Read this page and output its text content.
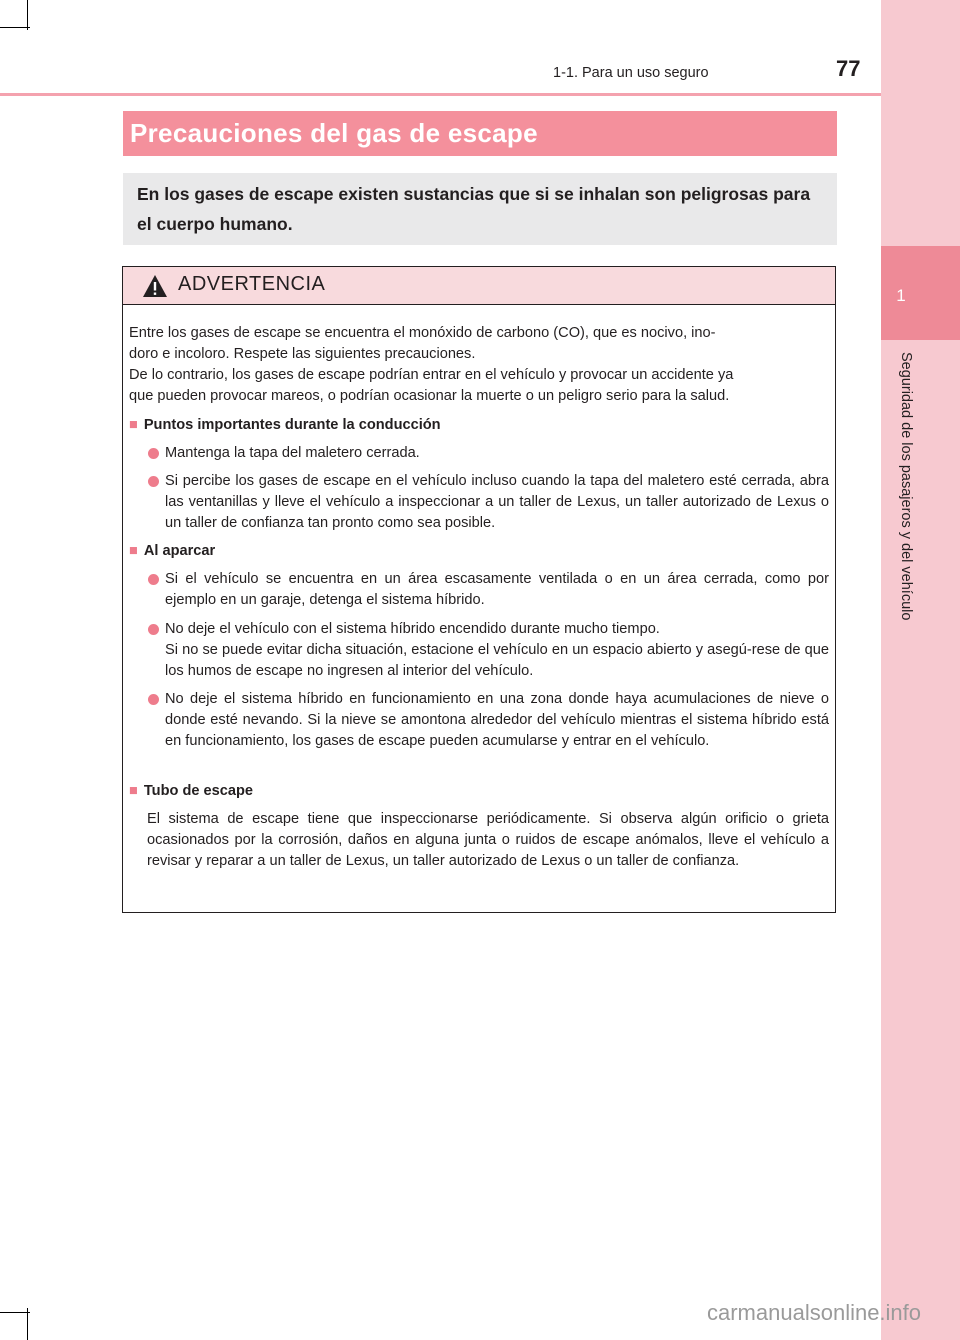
1
Seguridad de los pasajeros y del vehículo
1-1. Para un uso seguro	77
Precauciones del gas de escape
En los gases de escape existen sustancias que si se inhalan son peligrosas para el cuerpo humano.
ADVERTENCIA
Entre los gases de escape se encuentra el monóxido de carbono (CO), que es nocivo, ino-
doro e incoloro. Respete las siguientes precauciones.
De lo contrario, los gases de escape podrían entrar en el vehículo y provocar un accidente ya
que pueden provocar mareos, o podrían ocasionar la muerte o un peligro serio para la salud.
■ Puntos importantes durante la conducción
Mantenga la tapa del maletero cerrada.
Si percibe los gases de escape en el vehículo incluso cuando la tapa del maletero esté cerrada, abra las ventanillas y lleve el vehículo a inspeccionar a un taller de Lexus, un taller autorizado de Lexus o un taller de confianza tan pronto como sea posible.
■ Al aparcar
Si el vehículo se encuentra en un área escasamente ventilada o en un área cerrada, como por ejemplo en un garaje, detenga el sistema híbrido.
No deje el vehículo con el sistema híbrido encendido durante mucho tiempo.
Si no se puede evitar dicha situación, estacione el vehículo en un espacio abierto y asegú-rese de que los humos de escape no ingresen al interior del vehículo.
No deje el sistema híbrido en funcionamiento en una zona donde haya acumulaciones de nieve o donde esté nevando. Si la nieve se amontona alrededor del vehículo mientras el sistema híbrido está en funcionamiento, los gases de escape pueden acumularse y entrar en el vehículo.
■ Tubo de escape
El sistema de escape tiene que inspeccionarse periódicamente. Si observa algún orificio o grieta ocasionados por la corrosión, daños en alguna junta o ruidos de escape anómalos, lleve el vehículo a revisar y reparar a un taller de Lexus, un taller autorizado de Lexus o un taller de confianza.
carmanualsonline.info
